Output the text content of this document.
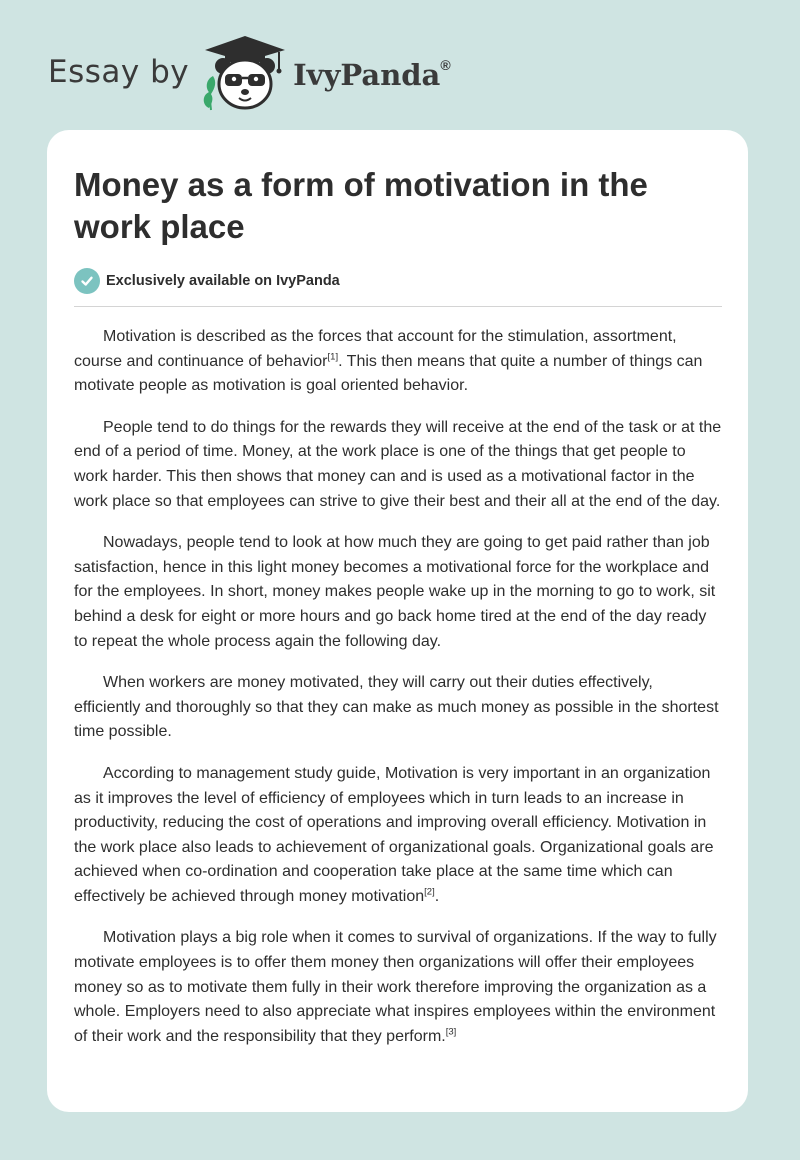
Essay by	IvyPanda®
Money as a form of motivation in the work place
Exclusively available on IvyPanda

Motivation is described as the forces that account for the stimulation, assortment, course and continuance of behavior[1]. This then means that quite a number of things can motivate people as motivation is goal oriented behavior.

People tend to do things for the rewards they will receive at the end of the task or at the end of a period of time. Money, at the work place is one of the things that get people to work harder. This then shows that money can and is used as a motivational factor in the work place so that employees can strive to give their best and their all at the end of the day.

Nowadays, people tend to look at how much they are going to get paid rather than job satisfaction, hence in this light money becomes a motivational force for the workplace and for the employees. In short, money makes people wake up in the morning to go to work, sit behind a desk for eight or more hours and go back home tired at the end of the day ready to repeat the whole process again the following day.

When workers are money motivated, they will carry out their duties effectively, efficiently and thoroughly so that they can make as much money as possible in the shortest time possible.

According to management study guide, Motivation is very important in an organization as it improves the level of efficiency of employees which in turn leads to an increase in productivity, reducing the cost of operations and improving overall efficiency. Motivation in the work place also leads to achievement of organizational goals. Organizational goals are achieved when co-ordination and cooperation take place at the same time which can effectively be achieved through money motivation[2].

Motivation plays a big role when it comes to survival of organizations. If the way to fully motivate employees is to offer them money then organizations will offer their employees money so as to motivate them fully in their work therefore improving the organization as a whole. Employers need to also appreciate what inspires employees within the environment of their work and the responsibility that they perform.[3]
